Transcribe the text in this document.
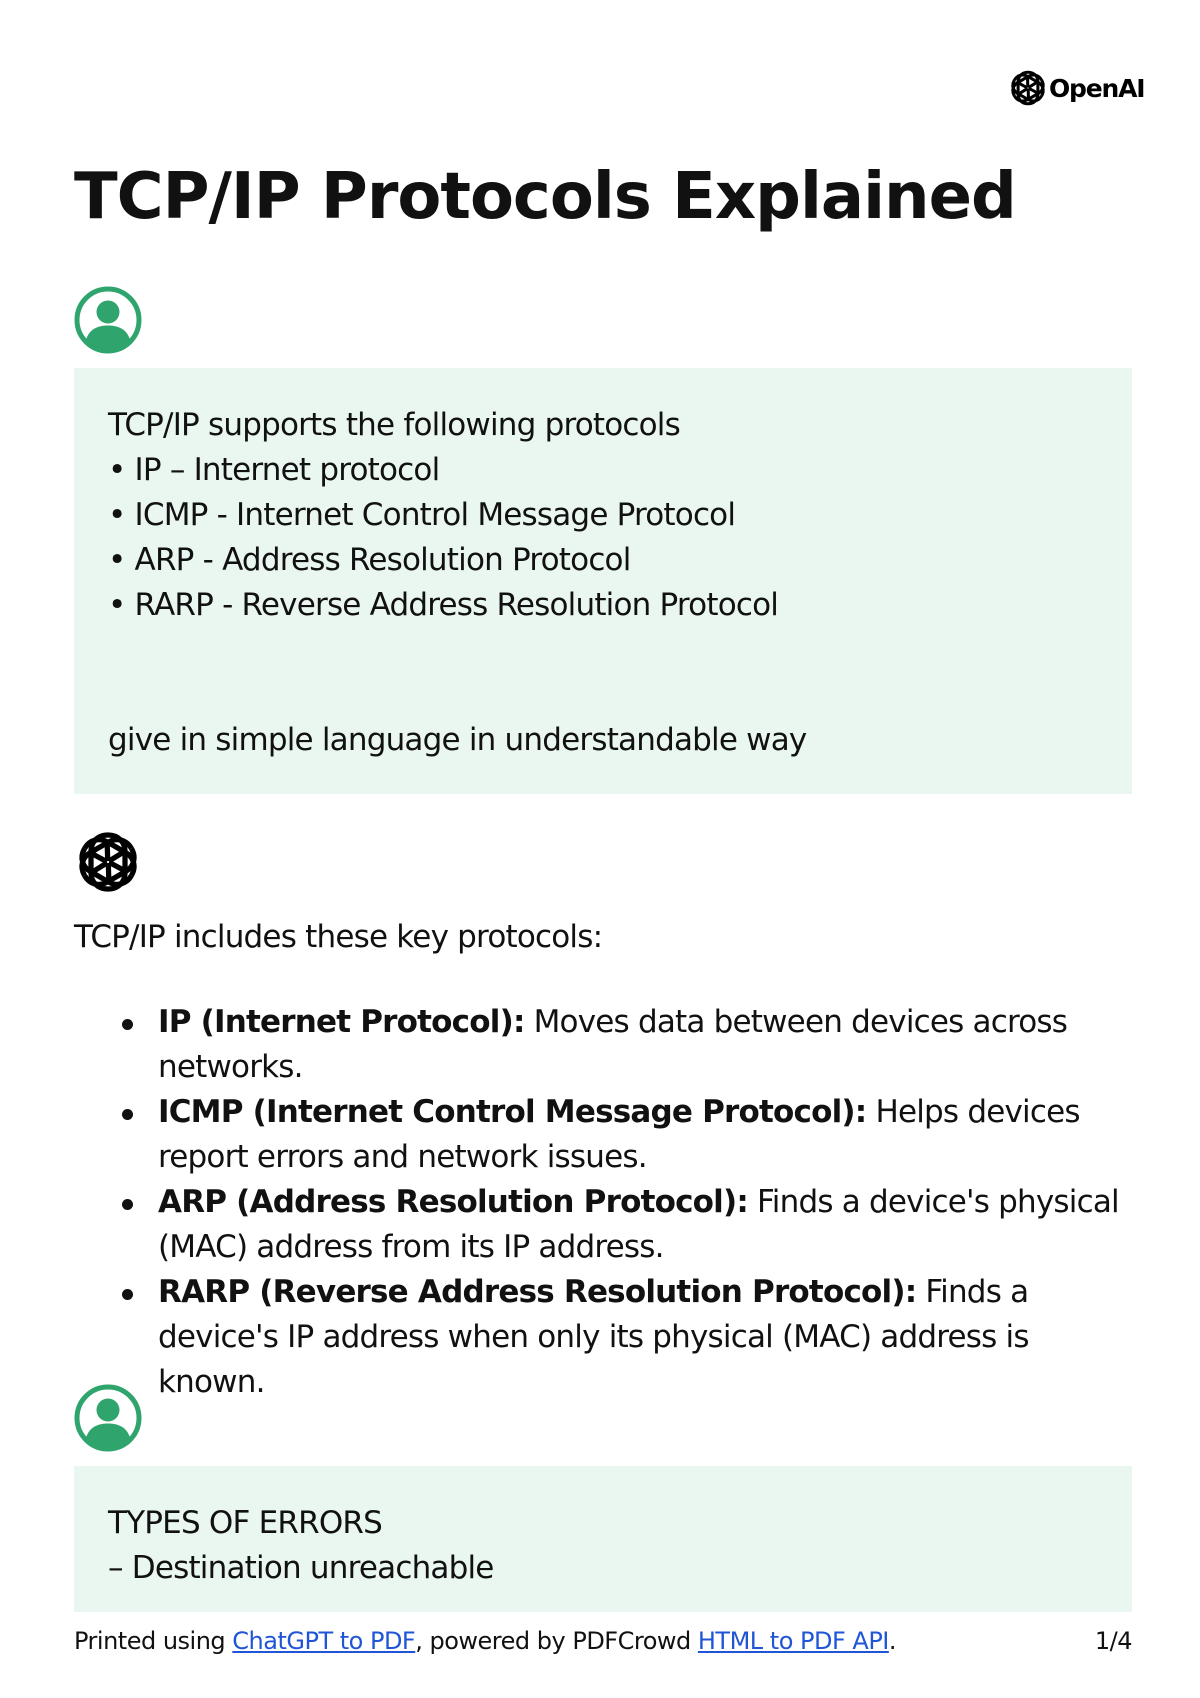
OpenAI
TCP/IP Protocols Explained
TCP/IP supports the following protocols
• IP – Internet protocol
• ICMP - Internet Control Message Protocol
• ARP - Address Resolution Protocol
• RARP - Reverse Address Resolution Protocol
give in simple language in understandable way

TCP/IP includes these key protocols:

IP (Internet Protocol): Moves data between devices across networks.
ICMP (Internet Control Message Protocol): Helps devices report errors and network issues.
ARP (Address Resolution Protocol): Finds a device's physical (MAC) address from its IP address.
RARP (Reverse Address Resolution Protocol): Finds a device's IP address when only its physical (MAC) address is known.
TYPES OF ERRORS
– Destination unreachable
Printed using ChatGPT to PDF, powered by PDFCrowd HTML to PDF API.	1/4
